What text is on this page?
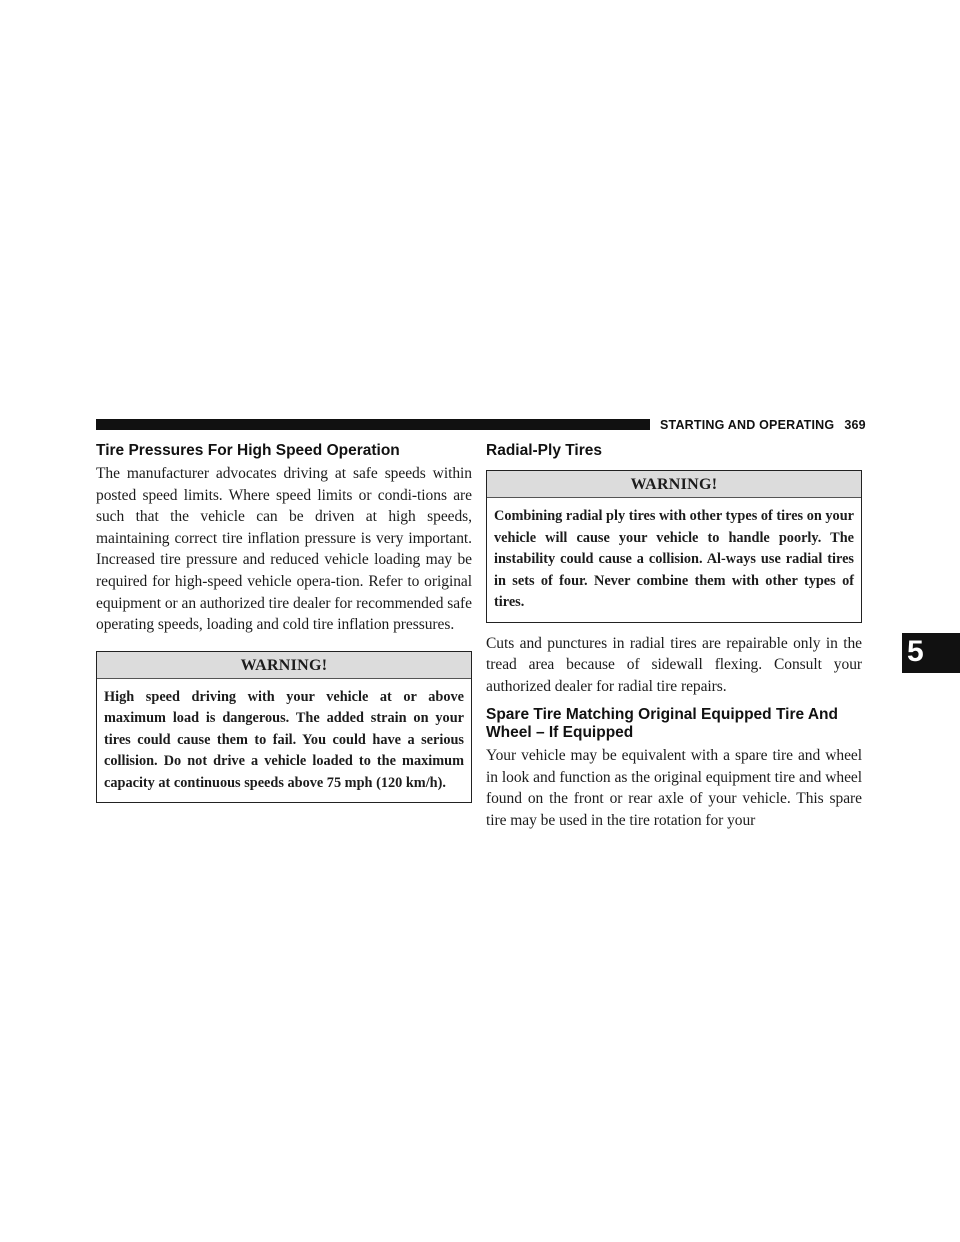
STARTING AND OPERATING 369
Tire Pressures For High Speed Operation

The manufacturer advocates driving at safe speeds within posted speed limits. Where speed limits or condi-tions are such that the vehicle can be driven at high speeds, maintaining correct tire inflation pressure is very important. Increased tire pressure and reduced vehicle loading may be required for high-speed vehicle opera-tion. Refer to original equipment or an authorized tire dealer for recommended safe operating speeds, loading and cold tire inflation pressures.

WARNING!
High speed driving with your vehicle at or above maximum load is dangerous. The added strain on your tires could cause them to fail. You could have a serious collision. Do not drive a vehicle loaded to the maximum capacity at continuous speeds above 75 mph (120 km/h).
Radial-Ply Tires
WARNING!
Combining radial ply tires with other types of tires on your vehicle will cause your vehicle to handle poorly. The instability could cause a collision. Al-ways use radial tires in sets of four. Never combine them with other types of tires.

Cuts and punctures in radial tires are repairable only in the tread area because of sidewall flexing. Consult your authorized dealer for radial tire repairs.

Spare Tire Matching Original Equipped Tire And Wheel – If Equipped

Your vehicle may be equivalent with a spare tire and wheel in look and function as the original equipment tire and wheel found on the front or rear axle of your vehicle. This spare tire may be used in the tire rotation for your

5
